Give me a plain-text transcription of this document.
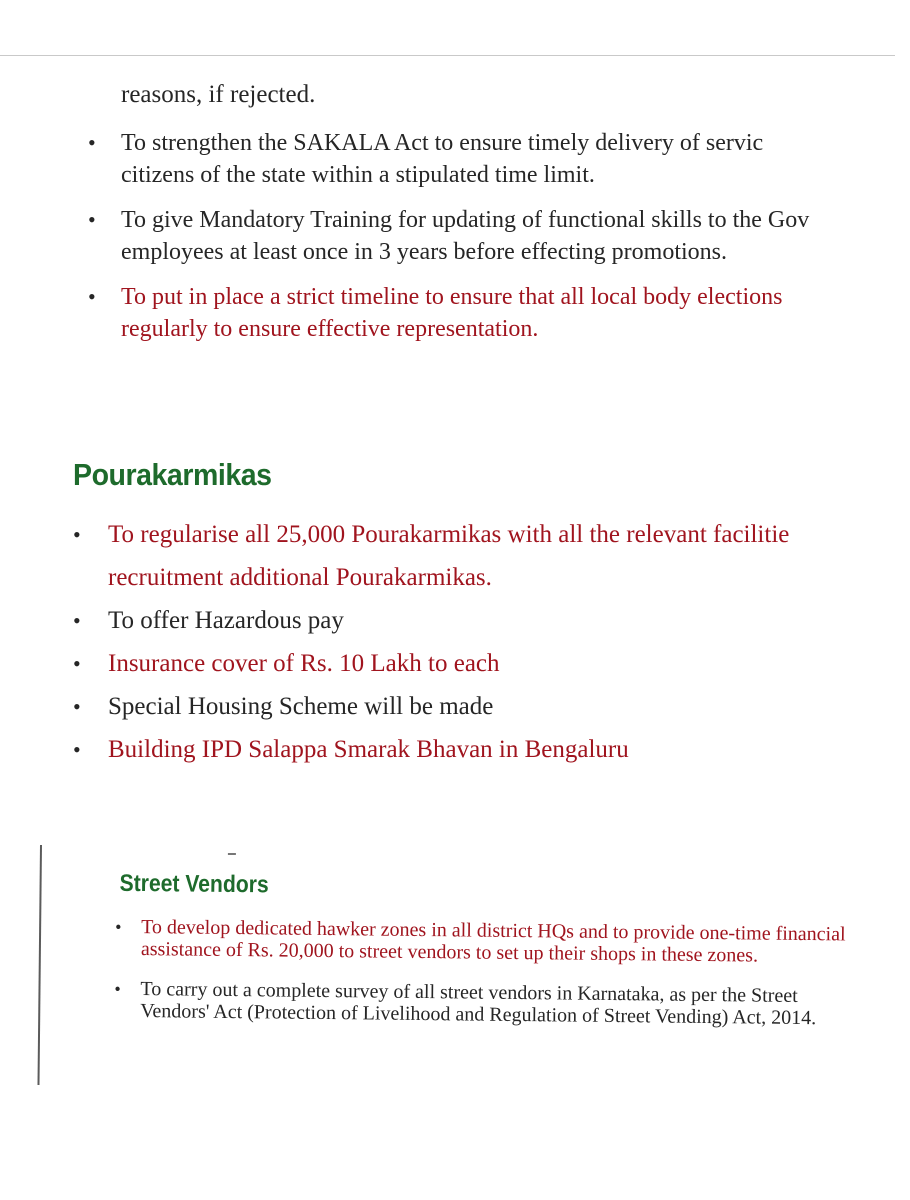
reasons, if rejected.
• To strengthen the SAKALA Act to ensure timely delivery of servic
citizens of the state within a stipulated time limit.
• To give Mandatory Training for updating of functional skills to the Gov
employees at least once in 3 years before effecting promotions.
• To put in place a strict timeline to ensure that all local body elections
regularly to ensure effective representation.
Pourakarmikas
• To regularise all 25,000 Pourakarmikas with all the relevant facilitie
recruitment additional Pourakarmikas.
• To offer Hazardous pay
• Insurance cover of Rs. 10 Lakh to each
• Special Housing Scheme will be made
• Building IPD Salappa Smarak Bhavan in Bengaluru
Street Vendors
• To develop dedicated hawker zones in all district HQs and to provide one-time financial assistance of Rs. 20,000 to street vendors to set up their shops in these zones.
• To carry out a complete survey of all street vendors in Karnataka, as per the Street Vendors' Act (Protection of Livelihood and Regulation of Street Vending) Act, 2014.
